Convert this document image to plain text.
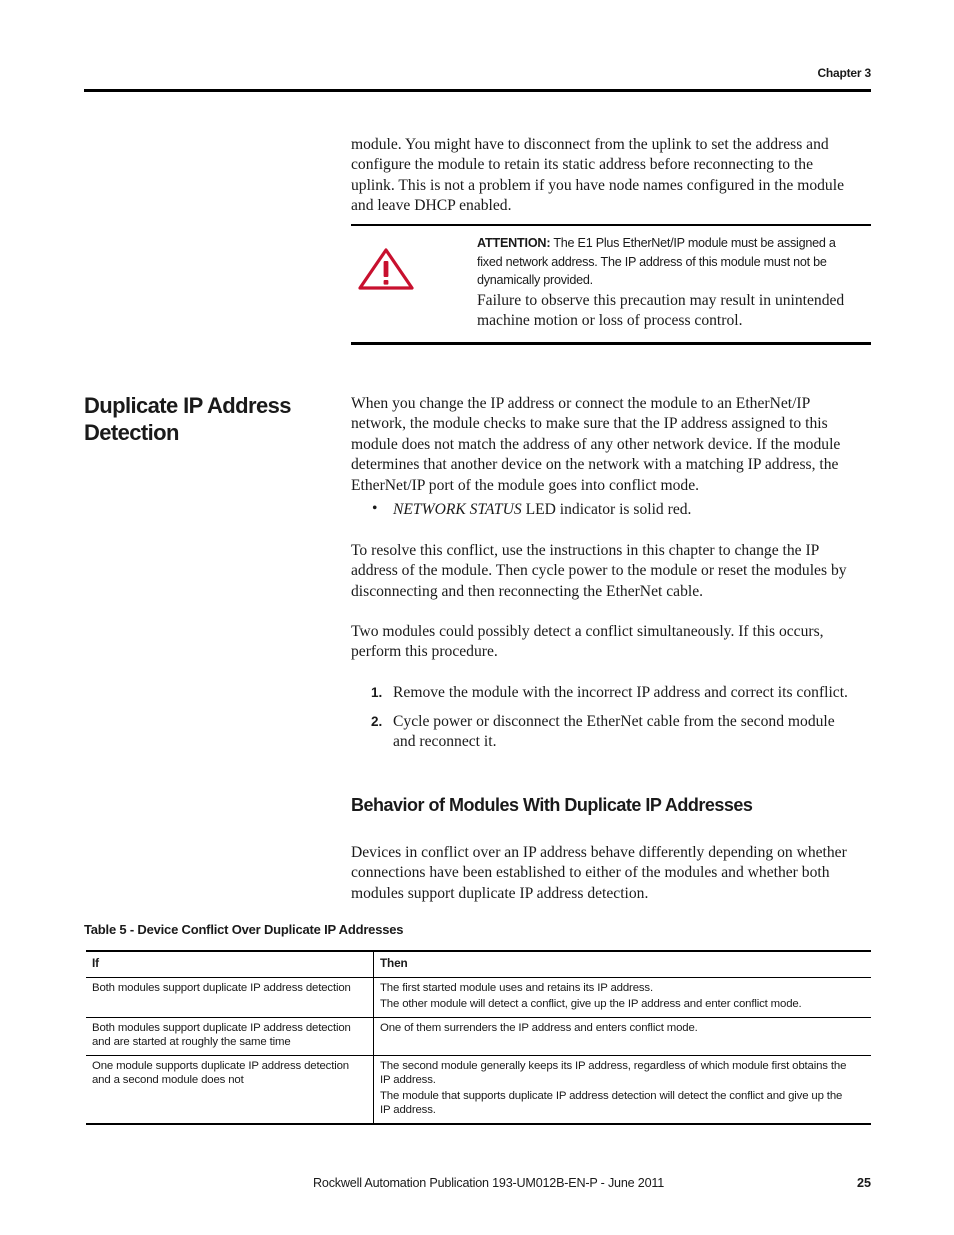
Chapter 3
module. You might have to disconnect from the uplink to set the address and
configure the module to retain its static address before reconnecting to the
uplink. This is not a problem if you have node names configured in the module
and leave DHCP enabled.
ATTENTION: The E1 Plus EtherNet/IP module must be assigned a
fixed network address. The IP address of this module must not be
dynamically provided.
Failure to observe this precaution may result in unintended
machine motion or loss of process control.
Duplicate IP Address
Detection
When you change the IP address or connect the module to an EtherNet/IP
network, the module checks to make sure that the IP address assigned to this
module does not match the address of any other network device. If the module
determines that another device on the network with a matching IP address, the
EtherNet/IP port of the module goes into conflict mode.
• NETWORK STATUS LED indicator is solid red.
To resolve this conflict, use the instructions in this chapter to change the IP
address of the module. Then cycle power to the module or reset the modules by
disconnecting and then reconnecting the EtherNet cable.
Two modules could possibly detect a conflict simultaneously. If this occurs,
perform this procedure.
1. Remove the module with the incorrect IP address and correct its conflict.
2. Cycle power or disconnect the EtherNet cable from the second module
and reconnect it.
Behavior of Modules With Duplicate IP Addresses
Devices in conflict over an IP address behave differently depending on whether
connections have been established to either of the modules and whether both
modules support duplicate IP address detection.
Table 5 - Device Conflict Over Duplicate IP Addresses
If	Then

Both modules support duplicate IP address detection	The first started module uses and retains its IP address.
The other module will detect a conflict, give up the IP address and enter conflict mode.

Both modules support duplicate IP address detection
and are started at roughly the same time	One of them surrenders the IP address and enters conflict mode.

One module supports duplicate IP address detection
and a second module does not	The second module generally keeps its IP address, regardless of which module first obtains the
IP address.
The module that supports duplicate IP address detection will detect the conflict and give up the
IP address.
Rockwell Automation Publication 193-UM012B-EN-P - June 2011	25
